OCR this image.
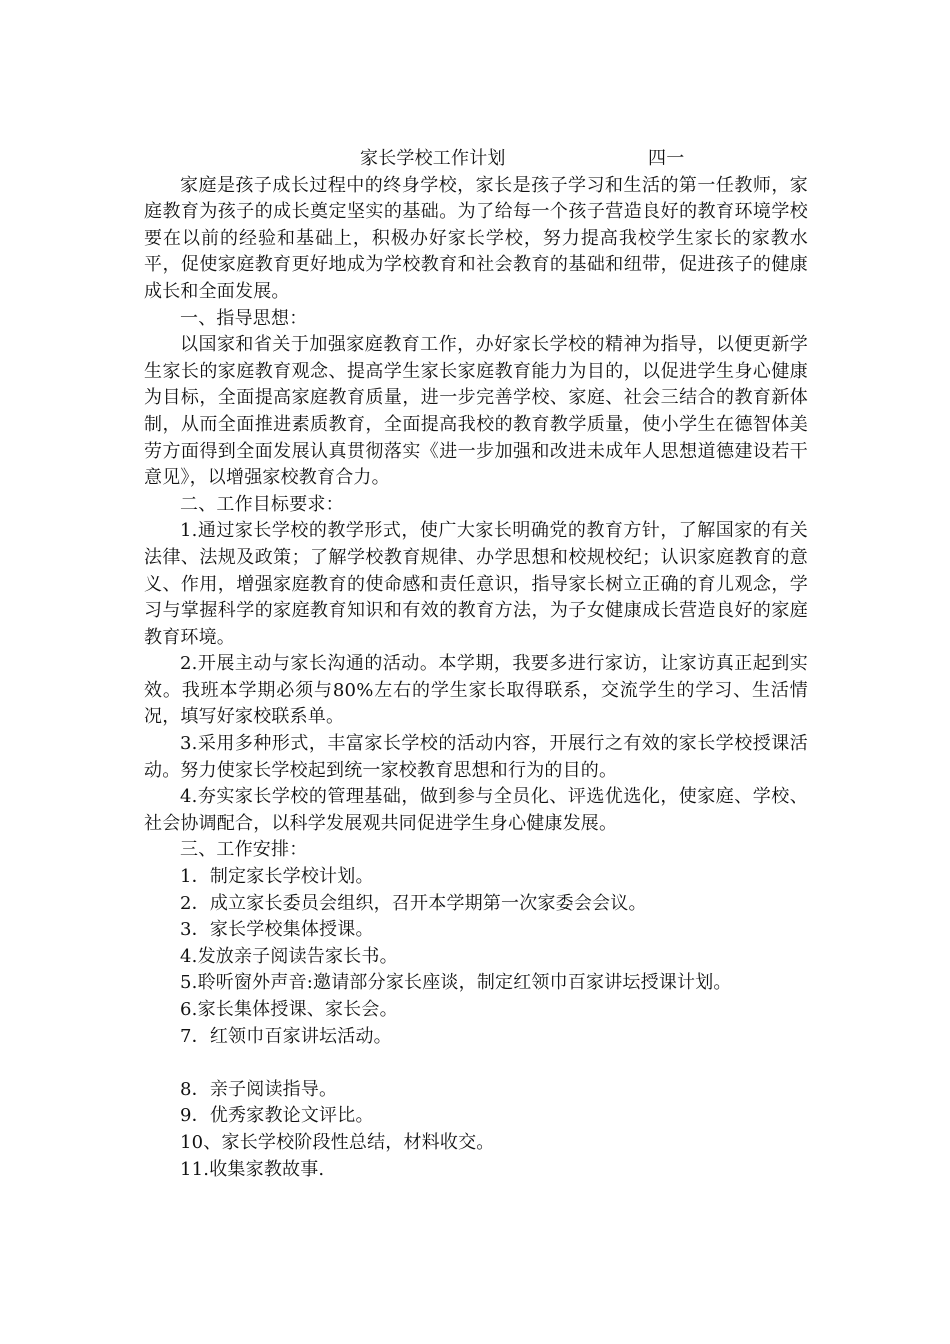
家长学校工作计划	四一

家庭是孩子成长过程中的终身学校，家长是孩子学习和生活的第一任教师，家庭教育为孩子的成长奠定坚实的基础。为了给每一个孩子营造良好的教育环境学校要在以前的经验和基础上，积极办好家长学校，努力提高我校学生家长的家教水平，促使家庭教育更好地成为学校教育和社会教育的基础和纽带，促进孩子的健康成长和全面发展。

一、指导思想：

以国家和省关于加强家庭教育工作，办好家长学校的精神为指导，以便更新学生家长的家庭教育观念、提高学生家长家庭教育能力为目的，以促进学生身心健康为目标，全面提高家庭教育质量，进一步完善学校、家庭、社会三结合的教育新体制，从而全面推进素质教育，全面提高我校的教育教学质量，使小学生在德智体美劳方面得到全面发展认真贯彻落实《进一步加强和改进未成年人思想道德建设若干意见》，以增强家校教育合力。

二、工作目标要求：

1.通过家长学校的教学形式，使广大家长明确党的教育方针，了解国家的有关法律、法规及政策；了解学校教育规律、办学思想和校规校纪；认识家庭教育的意义、作用，增强家庭教育的使命感和责任意识，指导家长树立正确的育儿观念，学习与掌握科学的家庭教育知识和有效的教育方法，为子女健康成长营造良好的家庭教育环境。

2.开展主动与家长沟通的活动。本学期，我要多进行家访，让家访真正起到实效。我班本学期必须与80%左右的学生家长取得联系，交流学生的学习、生活情况，填写好家校联系单。

3.采用多种形式，丰富家长学校的活动内容，开展行之有效的家长学校授课活动。努力使家长学校起到统一家校教育思想和行为的目的。

4.夯实家长学校的管理基础，做到参与全员化、评选优选化，使家庭、学校、社会协调配合，以科学发展观共同促进学生身心健康发展。

三、工作安排：

1．制定家长学校计划。

2．成立家长委员会组织，召开本学期第一次家委会会议。

3．家长学校集体授课。

4.发放亲子阅读告家长书。

5.聆听窗外声音:邀请部分家长座谈，制定红领巾百家讲坛授课计划。

6.家长集体授课、家长会。

7．红领巾百家讲坛活动。

8．亲子阅读指导。

9．优秀家教论文评比。

10、家长学校阶段性总结，材料收交。

11.收集家教故事.
